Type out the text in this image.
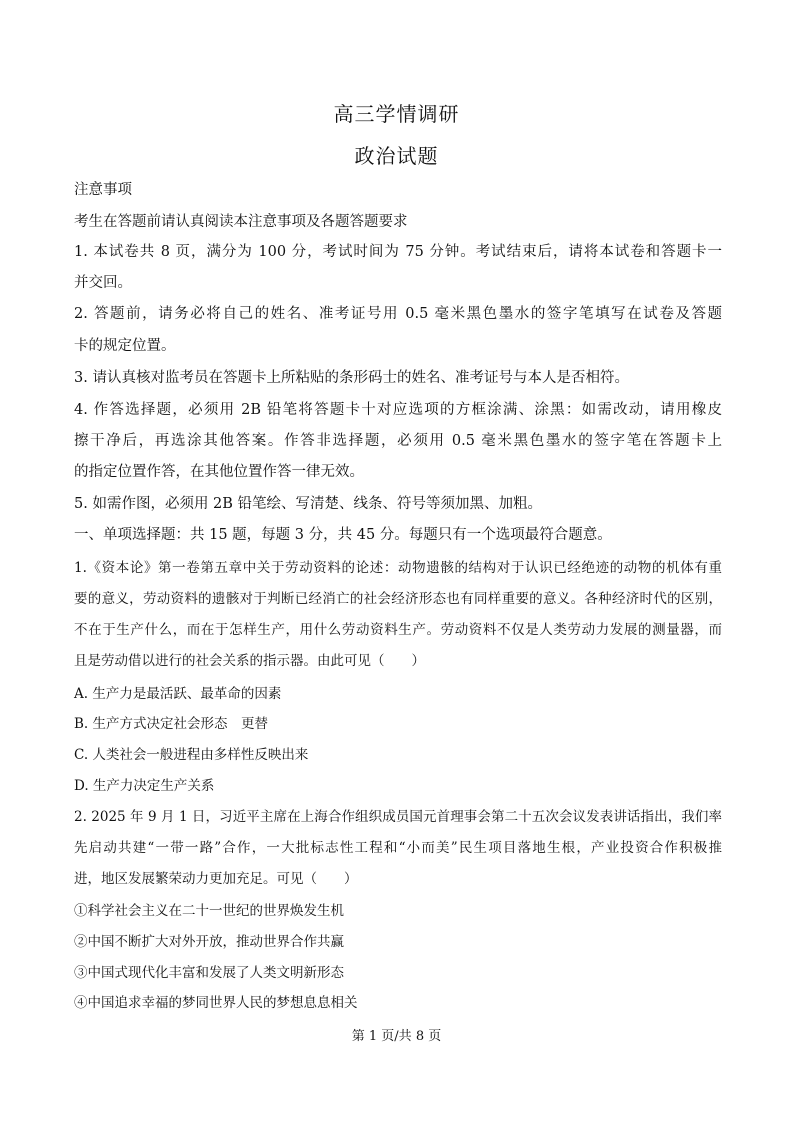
高三学情调研
政治试题
注意事项
考生在答题前请认真阅读本注意事项及各题答题要求
1. 本试卷共 8 页，满分为 100 分，考试时间为 75 分钟。考试结束后，请将本试卷和答题卡一
并交回。
2. 答题前，请务必将自己的姓名、准考证号用 0.5 毫米黑色墨水的签字笔填写在试卷及答题
卡的规定位置。
3. 请认真核对监考员在答题卡上所粘贴的条形码士的姓名、准考证号与本人是否相符。
4. 作答选择题，必须用 2B 铅笔将答题卡十对应选项的方框涂满、涂黑：如需改动，请用橡皮
擦干净后，再选涂其他答案。作答非选择题，必须用 0.5 毫米黑色墨水的签字笔在答题卡上
的指定位置作答，在其他位置作答一律无效。
5. 如需作图，必须用 2B 铅笔绘、写清楚、线条、符号等须加黑、加粗。
一、单项选择题：共 15 题，每题 3 分，共 45 分。每题只有一个选项最符合题意。
1.《资本论》第一卷第五章中关于劳动资料的论述：动物遗骸的结构对于认识已经绝迹的动物的机体有重
要的意义，劳动资料的遗骸对于判断已经消亡的社会经济形态也有同样重要的意义。各种经济时代的区别，
不在于生产什么，而在于怎样生产，用什么劳动资料生产。劳动资料不仅是人类劳动力发展的测量器，而
且是劳动借以进行的社会关系的指示器。由此可见（　　）
A. 生产力是最活跃、最革命的因素
B. 生产方式决定社会形态　更替
C. 人类社会一般进程由多样性反映出来
D. 生产力决定生产关系
2. 2025 年 9 月 1 日，习近平主席在上海合作组织成员国元首理事会第二十五次会议发表讲话指出，我们率
先启动共建“一带一路”合作，一大批标志性工程和“小而美”民生项目落地生根，产业投资合作积极推
进，地区发展繁荣动力更加充足。可见（　　）
①科学社会主义在二十一世纪的世界焕发生机
②中国不断扩大对外开放，推动世界合作共赢
③中国式现代化丰富和发展了人类文明新形态
④中国追求幸福的梦同世界人民的梦想息息相关
第 1 页/共 8 页
